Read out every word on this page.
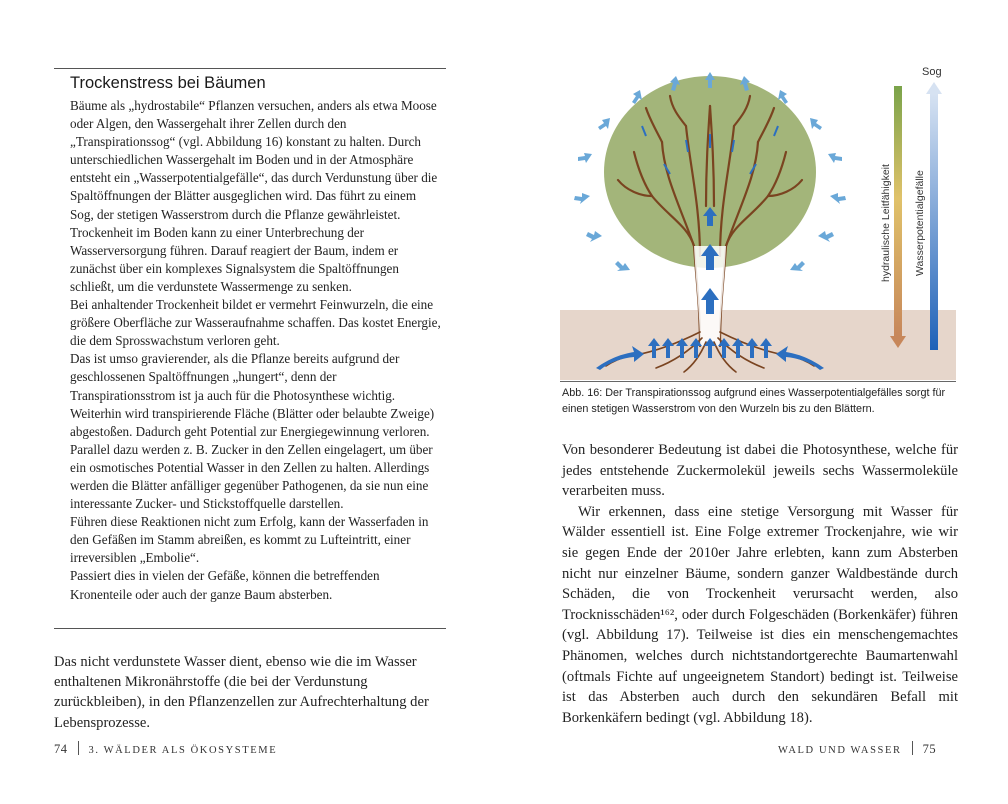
Trockenstress bei Bäumen

Bäume als „hydrostabile“ Pflanzen versuchen, anders als etwa Moose oder Algen, den Wassergehalt ihrer Zellen durch den „Transpirationssog“ (vgl. Abbildung 16) konstant zu halten. Durch unterschiedlichen Wassergehalt im Boden und in der Atmosphäre entsteht ein „Wasserpotentialgefälle“, das durch Verdunstung über die Spaltöffnungen der Blätter ausgeglichen wird. Das führt zu einem Sog, der stetigen Wasserstrom durch die Pflanze gewährleistet.

Trockenheit im Boden kann zu einer Unterbrechung der Wasserversorgung führen. Darauf reagiert der Baum, indem er zunächst über ein komplexes Signalsystem die Spaltöffnungen schließt, um die verdunstete Wassermenge zu senken.

Bei anhaltender Trockenheit bildet er vermehrt Feinwurzeln, die eine größere Oberfläche zur Wasseraufnahme schaffen. Das kostet Energie, die dem Sprosswachstum verloren geht.

Das ist umso gravierender, als die Pflanze bereits aufgrund der geschlossenen Spaltöffnungen „hungert“, denn der Transpirationsstrom ist ja auch für die Photosynthese wichtig.

Weiterhin wird transpirierende Fläche (Blätter oder belaubte Zweige) abgestoßen. Dadurch geht Potential zur Energiegewinnung verloren.

Parallel dazu werden z. B. Zucker in den Zellen eingelagert, um über ein osmotisches Potential Wasser in den Zellen zu halten. Allerdings werden die Blätter anfälliger gegenüber Pathogenen, da sie nun eine interessante Zucker- und Stickstoffquelle darstellen.

Führen diese Reaktionen nicht zum Erfolg, kann der Wasserfaden in den Gefäßen im Stamm abreißen, es kommt zu Lufteintritt, einer irreversiblen „Embolie“.

Passiert dies in vielen der Gefäße, können die betreffenden Kronenteile oder auch der ganze Baum absterben.

Das nicht verdunstete Wasser dient, ebenso wie die im Wasser enthaltenen Mikronährstoffe (die bei der Verdunstung zurückbleiben), in den Pflanzenzellen zur Aufrechterhaltung der Lebensprozesse.
74 3. WÄLDER ALS ÖKOSYSTEME
Sog
hydraulische Leitfähigkeit Wasserpotentialgefälle
Abb. 16: Der Transpirationssog aufgrund eines Wasserpotentialgefälles sorgt für einen stetigen Wasserstrom von den Wurzeln bis zu den Blättern.

Von besonderer Bedeutung ist dabei die Photosynthese, welche für jedes entstehende Zuckermolekül jeweils sechs Wassermoleküle verarbeiten muss.

Wir erkennen, dass eine stetige Versorgung mit Wasser für Wälder essentiell ist. Eine Folge extremer Trockenjahre, wie wir sie gegen Ende der 2010er Jahre erlebten, kann zum Absterben nicht nur einzelner Bäume, sondern ganzer Waldbestände durch Schäden, die von Trockenheit verursacht werden, also Trocknisschäden¹⁶², oder durch Folgeschäden (Borkenkäfer) führen (vgl. Abbildung 17). Teilweise ist dies ein menschengemachtes Phänomen, welches durch nichtstandortgerechte Baumartenwahl (oftmals Fichte auf ungeeignetem Standort) bedingt ist. Teilweise ist das Absterben auch durch den sekundären Befall mit Borkenkäfern bedingt (vgl. Abbildung 18).

WALD UND WASSER 75
